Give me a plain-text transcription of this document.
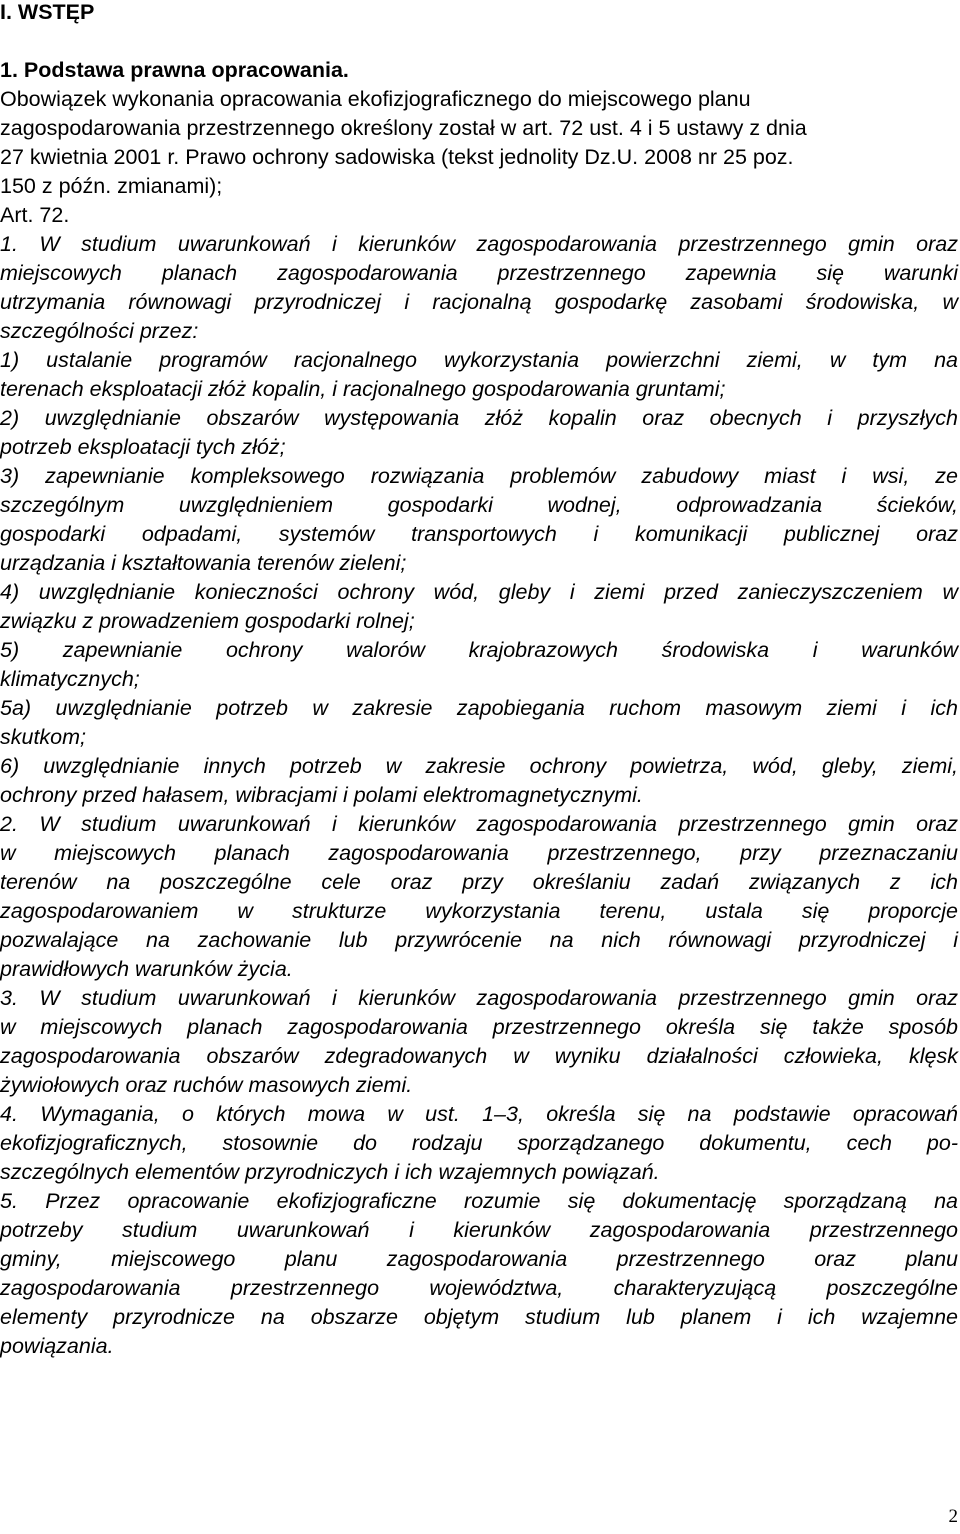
I. WSTĘP

1. Podstawa prawna opracowania.

Obowiązek wykonania opracowania ekofizjograficznego do miejscowego planu

zagospodarowania przestrzennego określony został w art. 72 ust. 4 i 5 ustawy z dnia

27 kwietnia 2001 r. Prawo ochrony sadowiska (tekst jednolity Dz.U. 2008 nr 25 poz.

150 z późn. zmianami);

Art. 72.

1. W studium uwarunkowań i kierunków zagospodarowania przestrzennego gmin oraz

miejscowych planach zagospodarowania przestrzennego zapewnia się warunki

utrzymania równowagi przyrodniczej i racjonalną gospodarkę zasobami środowiska, w

szczególności przez:

1) ustalanie programów racjonalnego wykorzystania powierzchni ziemi, w tym na

terenach eksploatacji złóż kopalin, i racjonalnego gospodarowania gruntami;

2) uwzględnianie obszarów występowania złóż kopalin oraz obecnych i przyszłych

potrzeb eksploatacji tych złóż;

3) zapewnianie kompleksowego rozwiązania problemów zabudowy miast i wsi, ze

szczególnym uwzględnieniem gospodarki wodnej, odprowadzania ścieków,

gospodarki odpadami, systemów transportowych i komunikacji publicznej oraz

urządzania i kształtowania terenów zieleni;

4) uwzględnianie konieczności ochrony wód, gleby i ziemi przed zanieczyszczeniem w

związku z prowadzeniem gospodarki rolnej;

5) zapewnianie ochrony walorów krajobrazowych środowiska i warunków

klimatycznych;

5a) uwzględnianie potrzeb w zakresie zapobiegania ruchom masowym ziemi i ich

skutkom;

6) uwzględnianie innych potrzeb w zakresie ochrony powietrza, wód, gleby, ziemi,

ochrony przed hałasem, wibracjami i polami elektromagnetycznymi.

2. W studium uwarunkowań i kierunków zagospodarowania przestrzennego gmin oraz

w miejscowych planach zagospodarowania przestrzennego, przy przeznaczaniu

terenów na poszczególne cele oraz przy określaniu zadań związanych z ich

zagospodarowaniem w strukturze wykorzystania terenu, ustala się proporcje

pozwalające na zachowanie lub przywrócenie na nich równowagi przyrodniczej i

prawidłowych warunków życia.

3. W studium uwarunkowań i kierunków zagospodarowania przestrzennego gmin oraz

w miejscowych planach zagospodarowania przestrzennego określa się także sposób

zagospodarowania obszarów zdegradowanych w wyniku działalności człowieka, klęsk

żywiołowych oraz ruchów masowych ziemi.

4. Wymagania, o których mowa w ust. 1–3, określa się na podstawie opracowań

ekofizjograficznych, stosownie do rodzaju sporządzanego dokumentu, cech po-

szczególnych elementów przyrodniczych i ich wzajemnych powiązań.

5. Przez opracowanie ekofizjograficzne rozumie się dokumentację sporządzaną na

potrzeby studium uwarunkowań i kierunków zagospodarowania przestrzennego

gminy, miejscowego planu zagospodarowania przestrzennego oraz planu

zagospodarowania przestrzennego województwa, charakteryzującą poszczególne

elementy przyrodnicze na obszarze objętym studium lub planem i ich wzajemne

powiązania.

2
